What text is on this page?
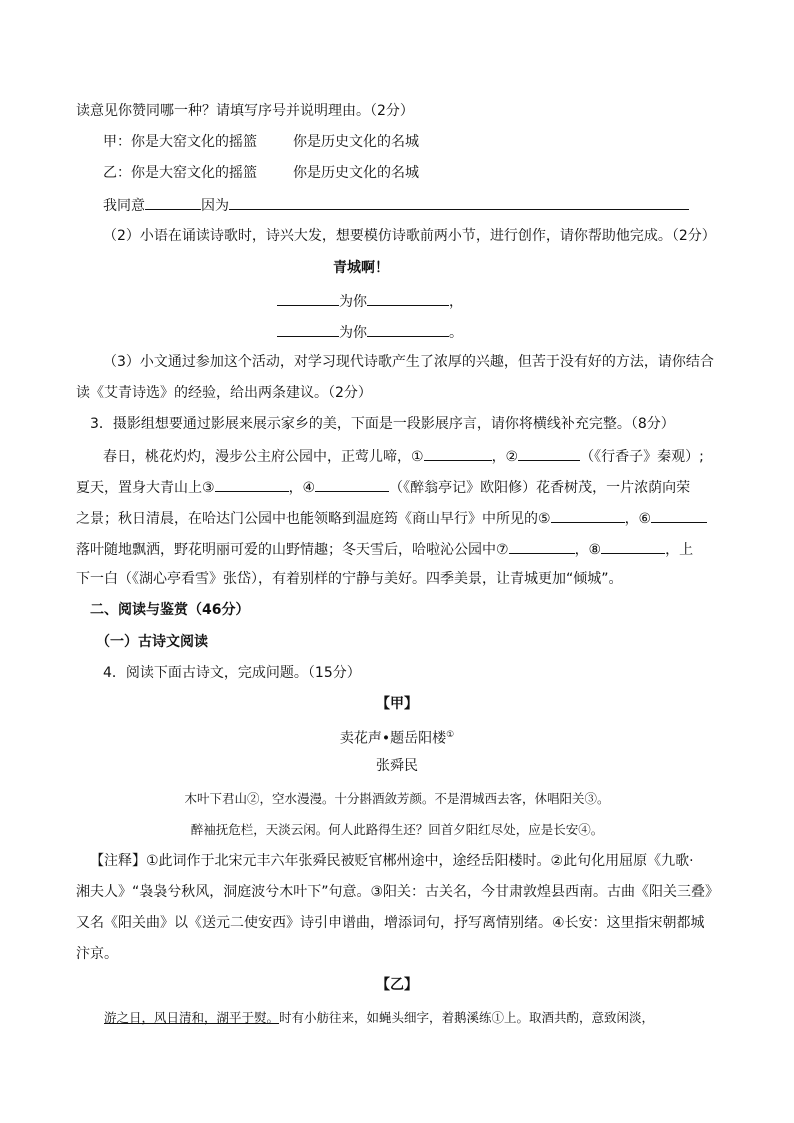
读意见你赞同哪一种？请填写序号并说明理由。（2分）
甲：你是大窑文化的摇篮	你是历史文化的名城
乙：你是大窑文化的摇篮	你是历史文化的名城
我同意	因为
（2）小语在诵读诗歌时，诗兴大发，想要模仿诗歌前两小节，进行创作，请你帮助他完成。（2分）
青城啊！
为你	，
为你	。
（3）小文通过参加这个活动，对学习现代诗歌产生了浓厚的兴趣，但苦于没有好的方法，请你结合
读《艾青诗选》的经验，给出两条建议。（2分）
3．摄影组想要通过影展来展示家乡的美，下面是一段影展序言，请你将横线补充完整。（8分）
春日，桃花灼灼，漫步公主府公园中，正莺儿啼，①	，②	（《行香子》秦观）;
夏天，置身大青山上③	，④	（《醉翁亭记》欧阳修）花香树茂，一片浓荫向荣
之景；秋日清晨，在哈达门公园中也能领略到温庭筠《商山早行》中所见的⑤	，⑥
落叶随地飘洒，野花明丽可爱的山野情趣；冬天雪后，哈啦沁公园中⑦	，⑧	，上
下一白（《湖心亭看雪》张岱），有着别样的宁静与美好。四季美景，让青城更加“倾城”。
二、阅读与鉴赏（46分）
（一）古诗文阅读
4．阅读下面古诗文，完成问题。（15分）
【甲】
卖花声•题岳阳楼①
张舜民
木叶下君山②，空水漫漫。十分斟酒敛芳颜。不是渭城西去客，休唱阳关③。
醉袖抚危栏，天淡云闲。何人此路得生还？回首夕阳红尽处，应是长安④。
【注释】①此词作于北宋元丰六年张舜民被贬官郴州途中，途经岳阳楼时。②此句化用屈原《九歌·
湘夫人》“袅袅兮秋风，洞庭波兮木叶下”句意。③阳关：古关名，今甘肃敦煌县西南。古曲《阳关三叠》
又名《阳关曲》以《送元二使安西》诗引申谱曲，增添词句，抒写离情别绪。④长安：这里指宋朝都城
汴京。
【乙】
游之日，风日清和，湖平于熨。时有小舫往来，如蝇头细字，着鹅溪练①上。取酒共酌，意致闲淡，
